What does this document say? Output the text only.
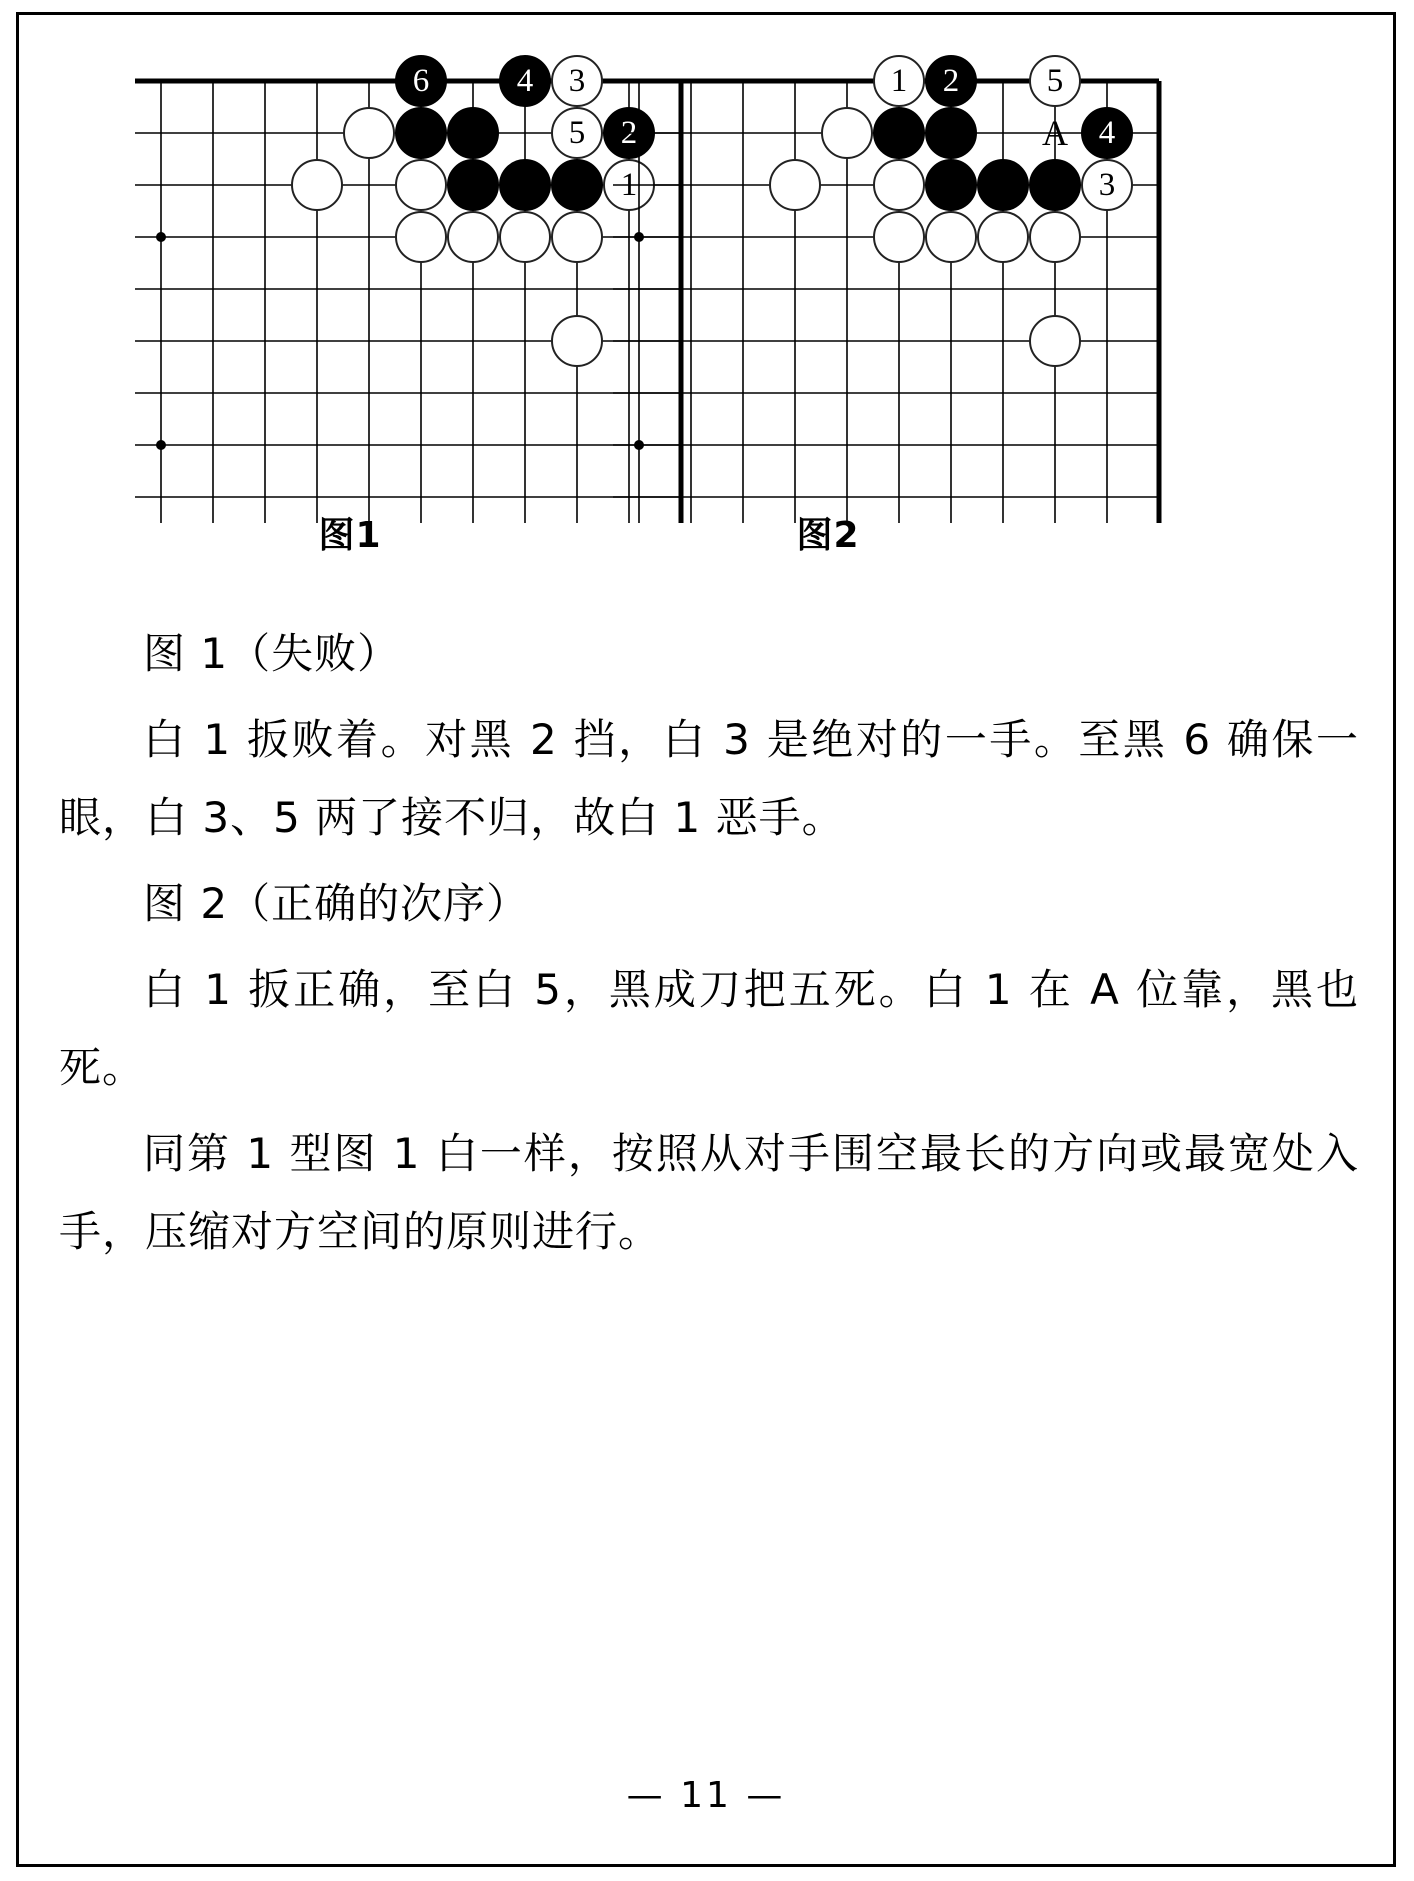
6	4	3
5	2
1
图1
1	2	5
4
3
A
图2

图 1（失败）

白 1 扳败着。对黑 2 挡，白 3 是绝对的一手。至黑 6 确保一眼，白 3、5 两了接不归，故白 1 恶手。

图 2（正确的次序）

白 1 扳正确，至白 5，黑成刀把五死。白 1 在 A 位靠，黑也死。

同第 1 型图 1 白一样，按照从对手围空最长的方向或最宽处入手，压缩对方空间的原则进行。

— 11 —
